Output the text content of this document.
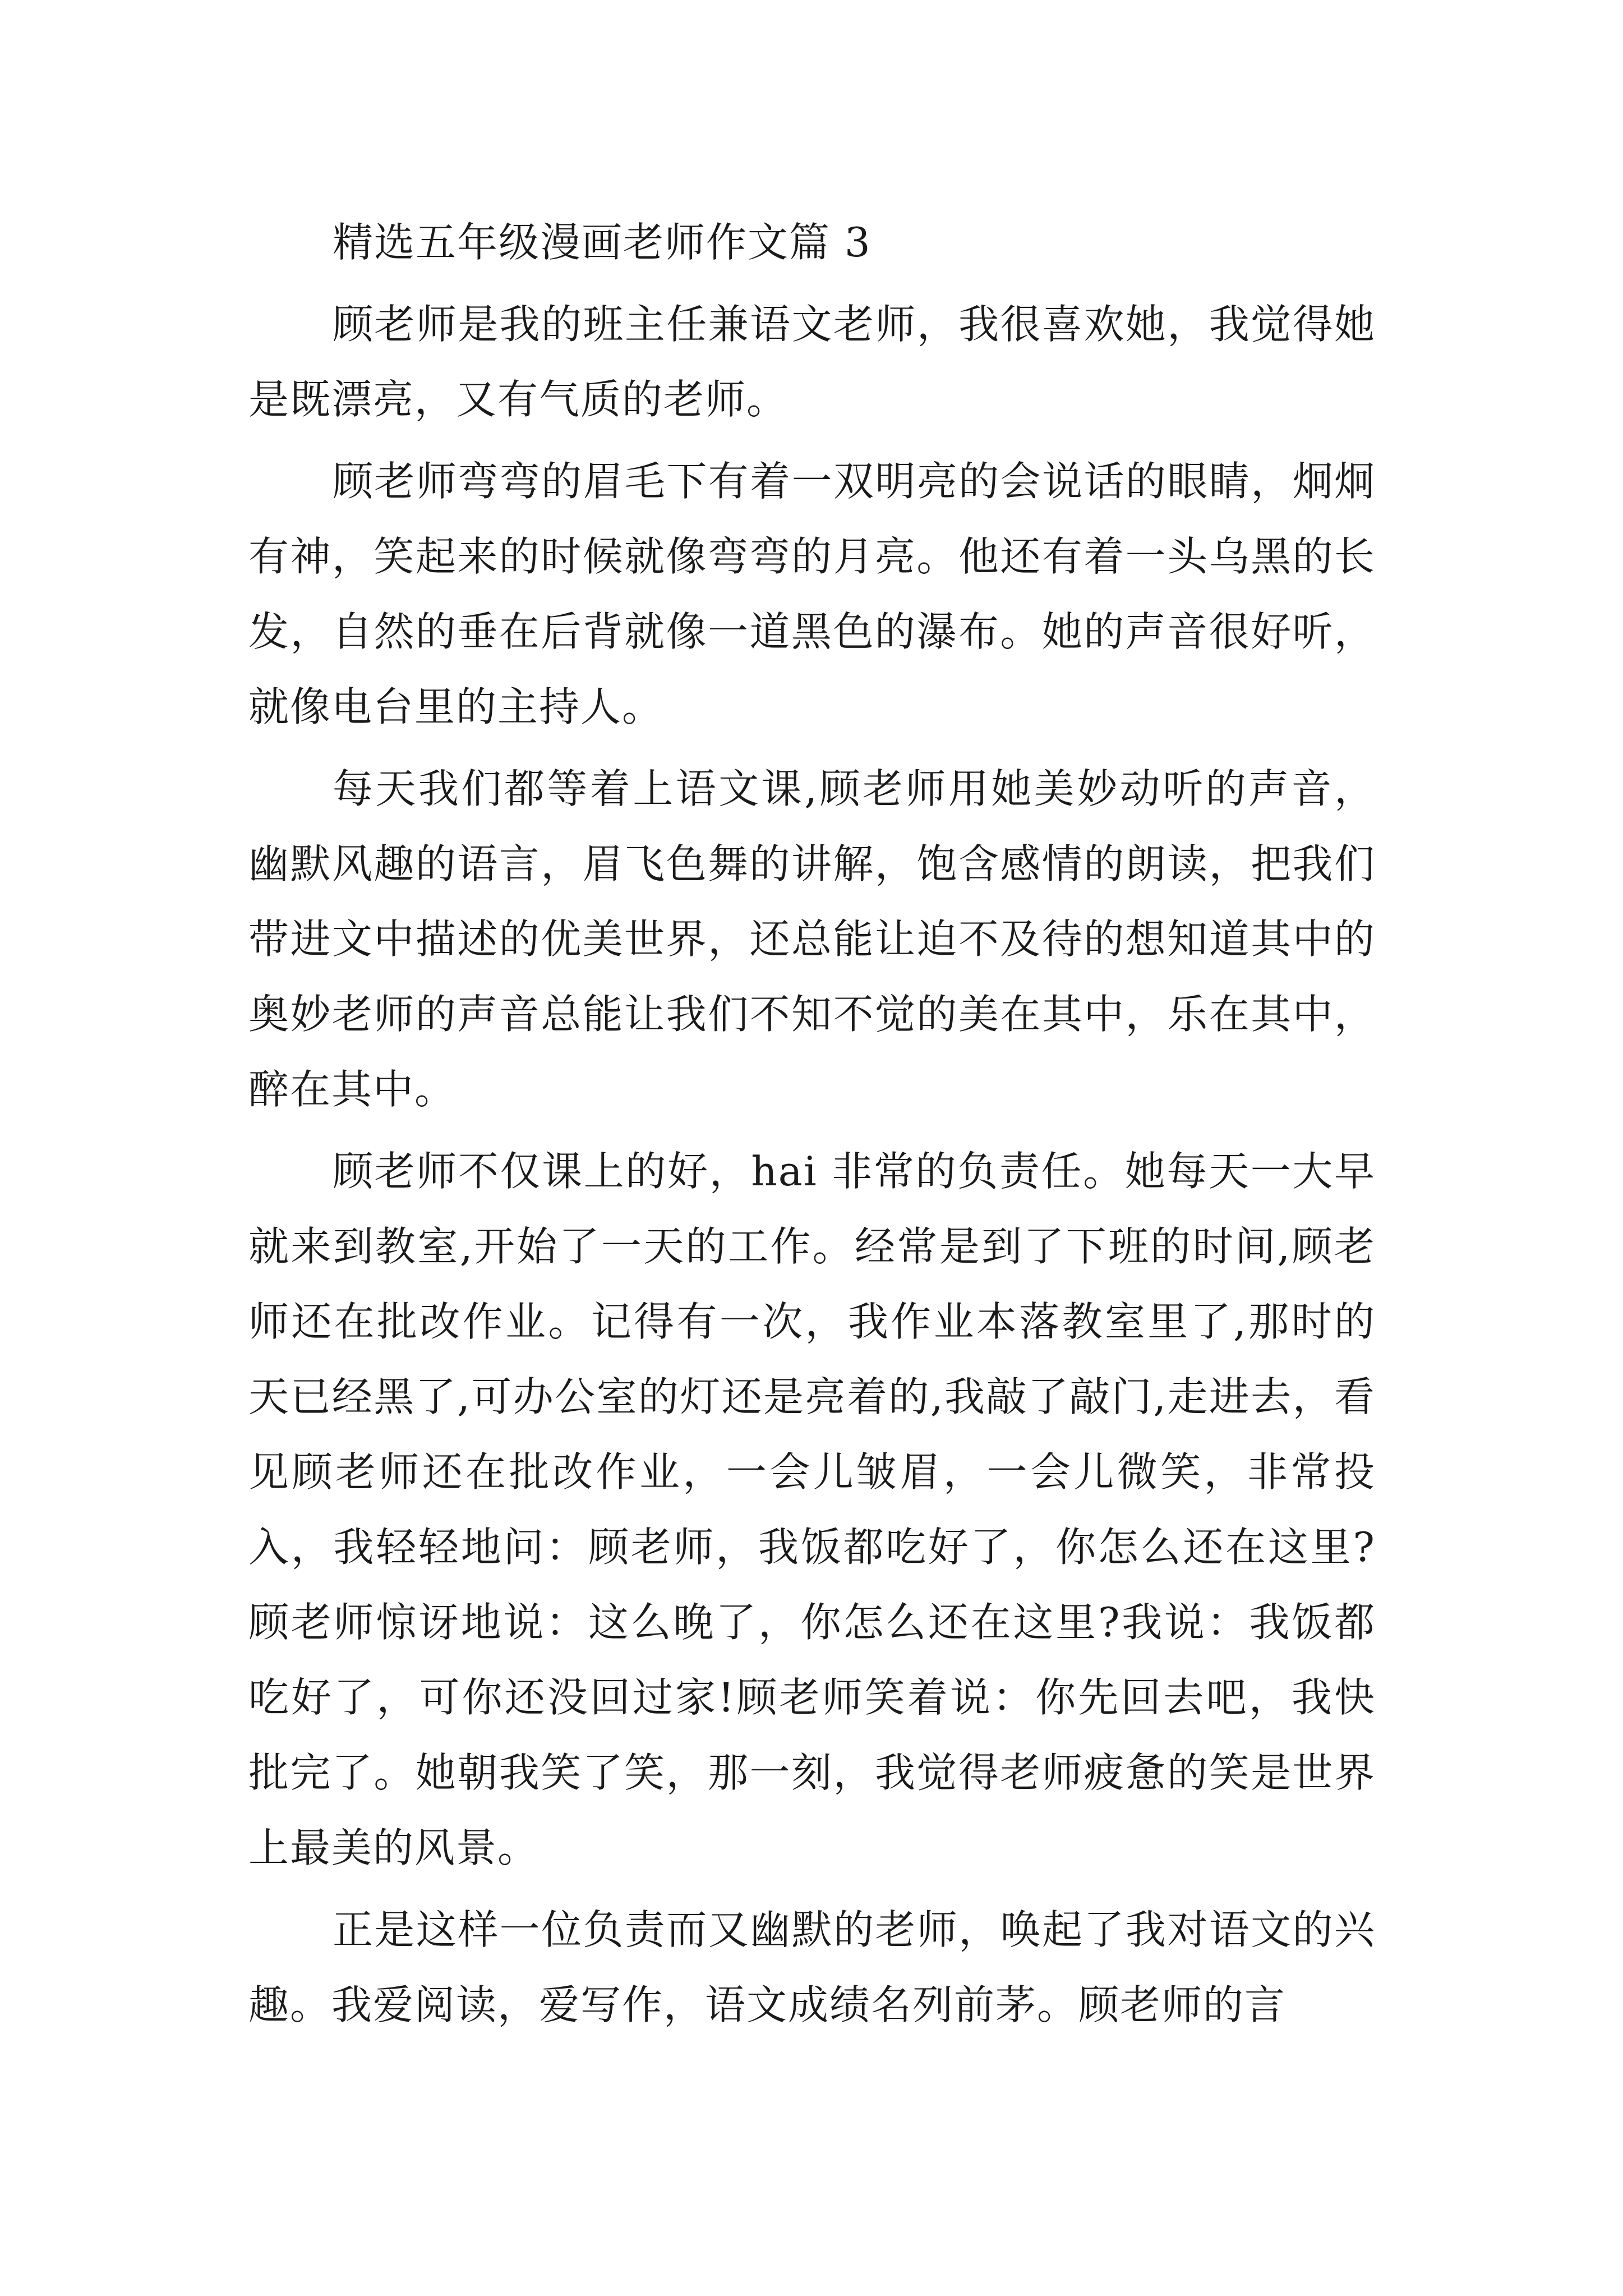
精选五年级漫画老师作文篇 3

顾老师是我的班主任兼语文老师，我很喜欢她，我觉得她是既漂亮，又有气质的老师。

顾老师弯弯的眉毛下有着一双明亮的会说话的眼睛，炯炯有神，笑起来的时候就像弯弯的月亮。他还有着一头乌黑的长发，自然的垂在后背就像一道黑色的瀑布。她的声音很好听，就像电台里的主持人。

每天我们都等着上语文课,顾老师用她美妙动听的声音，幽默风趣的语言，眉飞色舞的讲解，饱含感情的朗读，把我们带进文中描述的优美世界，还总能让迫不及待的想知道其中的奥妙老师的声音总能让我们不知不觉的美在其中，乐在其中，醉在其中。

顾老师不仅课上的好，hai 非常的负责任。她每天一大早就来到教室,开始了一天的工作。经常是到了下班的时间,顾老师还在批改作业。记得有一次，我作业本落教室里了,那时的天已经黑了,可办公室的灯还是亮着的,我敲了敲门,走进去，看见顾老师还在批改作业，一会儿皱眉，一会儿微笑，非常投入，我轻轻地问：顾老师，我饭都吃好了，你怎么还在这里?顾老师惊讶地说：这么晚了，你怎么还在这里?我说：我饭都吃好了，可你还没回过家!顾老师笑着说：你先回去吧，我快批完了。她朝我笑了笑，那一刻，我觉得老师疲惫的笑是世界上最美的风景。

正是这样一位负责而又幽默的老师，唤起了我对语文的兴趣。我爱阅读，爱写作，语文成绩名列前茅。顾老师的言
